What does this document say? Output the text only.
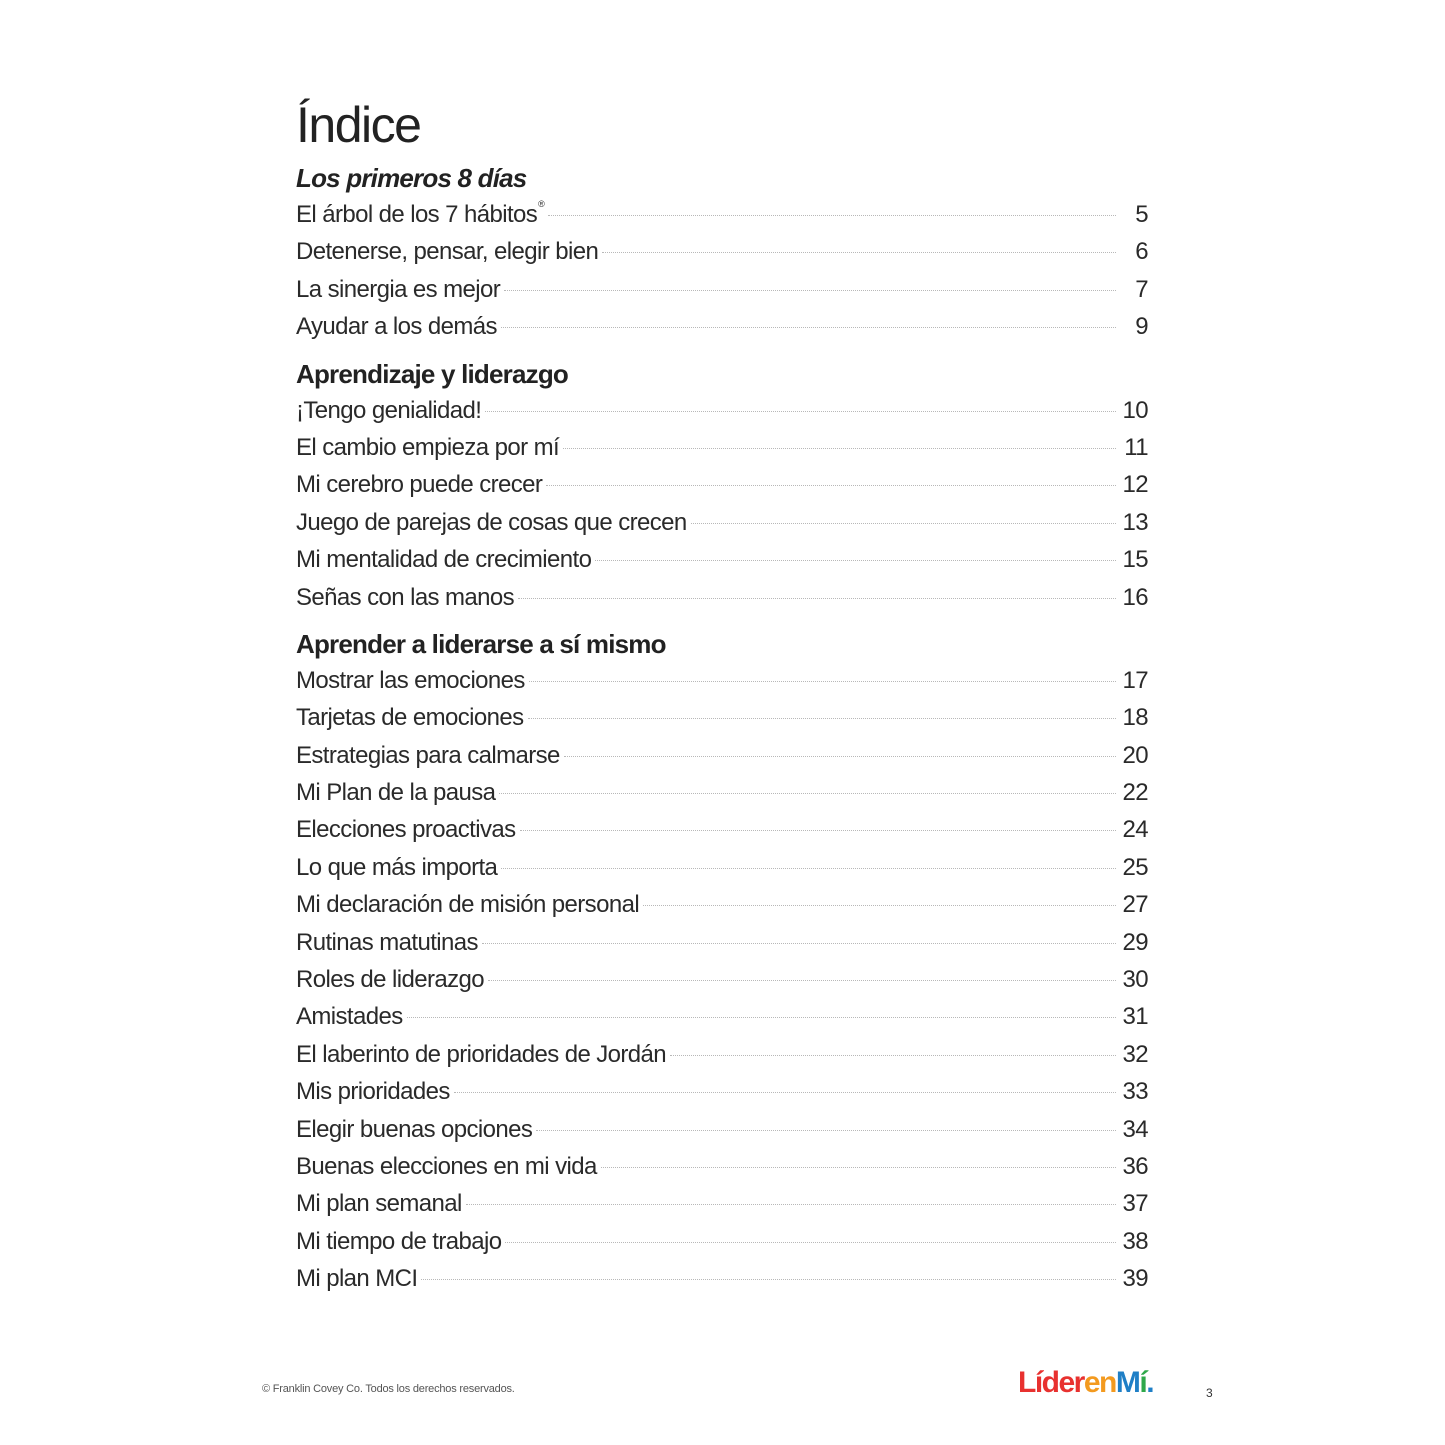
Índice
Los primeros 8 días
El árbol de los 7 hábitos®	5
Detenerse, pensar, elegir bien	6
La sinergia es mejor	7
Ayudar a los demás	9
Aprendizaje y liderazgo
¡Tengo genialidad!	10
El cambio empieza por mí	11
Mi cerebro puede crecer	12
Juego de parejas de cosas que crecen	13
Mi mentalidad de crecimiento	15
Señas con las manos	16
Aprender a liderarse a sí mismo
Mostrar las emociones	17
Tarjetas de emociones	18
Estrategias para calmarse	20
Mi Plan de la pausa	22
Elecciones proactivas	24
Lo que más importa	25
Mi declaración de misión personal	27
Rutinas matutinas	29
Roles de liderazgo	30
Amistades	31
El laberinto de prioridades de Jordán	32
Mis prioridades	33
Elegir buenas opciones	34
Buenas elecciones en mi vida	36
Mi plan semanal	37
Mi tiempo de trabajo	38
Mi plan MCI	39
© Franklin Covey Co. Todos los derechos reservados.	LíderenMí.	3
